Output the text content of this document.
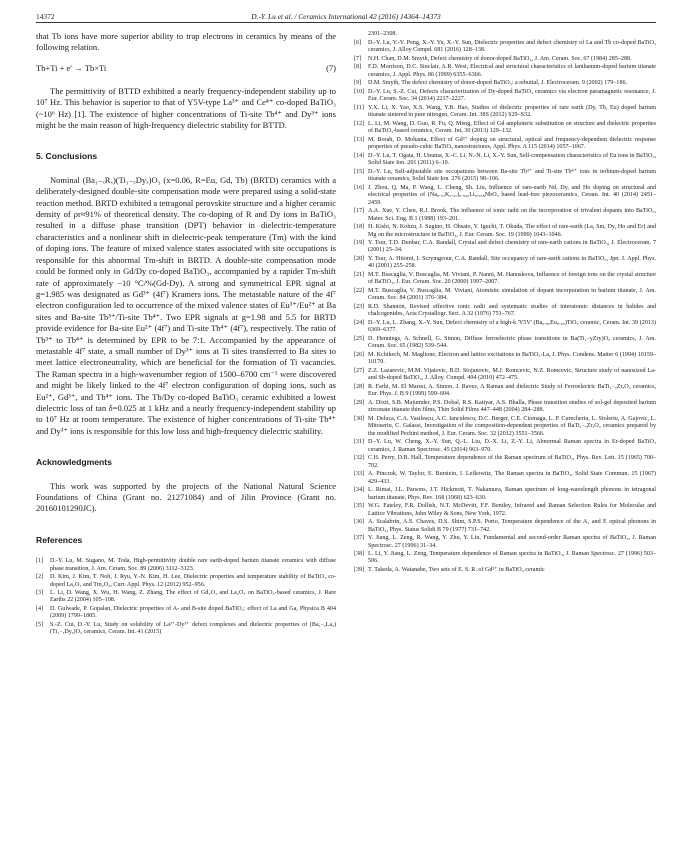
14372	D.-Y. Lu et al. / Ceramics International 42 (2016) 14364–14373

that Tb ions have more superior ability to trap electrons in ceramics by means of the following relation.

Tb+Ti + e′ → Tb×Ti	(7)

The permittivity of BTTD exhibited a nearly frequency-independent stability up to 10⁷ Hz. This behavior is superior to that of Y5V-type La³⁺ and Ce⁴⁺ co-doped BaTiO₃ (~10⁶ Hz) [1]. The existence of higher concentrations of Ti-site Tb⁴⁺ and Dy³⁺ ions might be the main reason of high-frequency dielectric stability for BTTD.

5. Conclusions

Nominal (Ba₁₋ₓRₓ)(Ti₁₋ₓDyₓ)O₃ (x=0.06, R=Eu, Gd, Tb) (BRTD) ceramics with a deliberately-designed double-site compensation mode were prepared using a solid-state reaction method. BRTD exhibited a tetragonal perovskite structure and a higher ceramic density of ρr≈91% of theoretical density. The co-doping of R and Dy ions in BaTiO₃ resulted in a diffuse phase transition (DPT) behavior in dielectric-temperature characteristics and a nonlinear shift in dielectric-peak temperature (Tm) with the kind of doping ions. The feature of mixed valence states associated with site occupations is responsible for this abnormal Tm-shift in BRTD. A double-site compensation mode could be formed only in Gd/Dy co-doped BaTiO₃, accompanied by a rapider Tm-shift rate of approximately −10 °C/%(Gd-Dy). A strong and symmetrical EPR signal at g=1.985 was designated as Gd³⁺ (4f⁷) Kramers ions. The metastable nature of the 4f⁷ electron configuration led to occurrence of the mixed valence states of Eu³⁺/Eu²⁺ at Ba sites and Ba-site Tb³⁺/Ti-site Tb⁴⁺. Two EPR signals at g=1.98 and 5.5 for BRTD provide evidence for Ba-site Eu²⁺ (4f⁷) and Ti-site Tb⁴⁺ (4f⁷), respectively. The ratio of Tb³⁺ to Tb⁴⁺ is determined by EPR to be 7:1. Accompanied by the appearance of metastable 4f⁷ state, a small number of Dy³⁺ ions at Ti sites transferred to Ba sites to meet lattice electroneutrality, which are beneficial for the formation of Ti vacancies. The Raman spectra in a high-wavenumber region of 1500–6700 cm⁻¹ were discovered and might be likely linked to the 4f⁷ electron configuration of doping ions, such as Eu²⁺, Gd³⁺, and Tb⁴⁺ ions. The Tb/Dy co-doped BaTiO₃ ceramic exhibited a lowest dielectric loss of tan δ=0.025 at 1 kHz and a nearly frequency-independent stability up to 10⁷ Hz at room temperature. The existence of higher concentrations of Ti-site Tb⁴⁺ and Dy³⁺ ions is responsible for this low loss and high-frequency dielectric stability.

Acknowledgments

This work was supported by the projects of the National Natural Science Foundations of China (Grant no. 21271084) and of Jilin Province (Grant no. 20160101290JC).

References
[1] D.-Y. Lu, M. Sugano, M. Toda, High-permittivity double rare earth-doped barium titanate ceramics with diffuse phase transition, J. Am. Ceram. Soc. 89 (2006) 3112–3123.
[2] D. Kim, J. Kim, T. Noh, J. Ryu, Y.-N. Kim, H. Lee, Dielectric properties and temperature stability of BaTiO₃ co-doped La₂O₃ and Tm₂O₃, Curr. Appl. Phys. 12 (2012) 952–956.
[3] L. Li, D. Wang, X. Wu, H. Wang, Z. Zhang, The effect of Gd₂O₃ and La₂O₃ on BaTiO₃-based ceramics, J. Rare Earths 22 (2004) 105–108.
[4] D. Gulwade, P. Gopalan, Dielectric properties of A- and B-site doped BaTiO₃: effect of La and Ga, Physica B 404 (2009) 1799–1805.
[5] S.-Z. Cui, D.-Y. Lu, Study on solubility of La³⁺-Dy³⁺ defect complexes and dielectric properties of (Ba₁₋ₓLaₓ)(Ti₁₋ₓDyₓ)O₃ ceramics, Ceram. Int. 41 (2015)
2301–2308.
[6] D.-Y. Lu, Y.-Y. Peng, X.-Y. Yu, X.-Y. Sun, Dielectric properties and defect chemistry of La and Tb co-doped BaTiO₃ ceramics, J. Alloy Compd. 681 (2016) 128–138.
[7] N.H. Chan, D.M. Smyth, Defect chemistry of donor-doped BaTiO₃, J. Am. Ceram. Soc. 67 (1984) 285–288.
[8] F.D. Morrison, D.C. Sinclair, A.R. West, Electrical and structural characteristics of lanthanum-doped barium titanate ceramics, J. Appl. Phys. 86 (1999) 6355–6366.
[9] D.M. Smyth, The defect chemistry of donor-doped BaTiO₃: a rebuttal, J. Electroceram. 9 (2002) 179–186.
[10] D.-Y. Lu, S.-Z. Cui, Defects characterization of Dy-doped BaTiO₃ ceramics via electron paramagnetic resonance, J. Eur. Ceram. Soc. 34 (2014) 2217–2227.
[11] Y.X. Li, X. Yao, X.S. Wang, Y.B. Hao, Studies of dielectric properties of rare earth (Dy, Tb, Eu) doped barium titanate sintered in pure nitrogen, Ceram. Int. 38S (2012) S29–S32.
[12] L. Li, M. Wang, D. Guo, R. Fu, Q. Meng, Effect of Gd amphoteric substitution on structure and dielectric properties of BaTiO₃-based ceramics, Ceram. Int. 30 (2013) 129–132.
[13] M. Borah, D. Mohanta, Effect of Gd³⁺ doping on structural, optical and frequency-dependent dielectric response properties of pseudo-cubic BaTiO₃ nanostructures, Appl. Phys. A 115 (2014) 1057–1067.
[14] D.-Y. Lu, T. Ogata, H. Unuma, X.-C. Li, N.-N. Li, X.-Y. Sun, Self-compensation characteristics of Eu ions in BaTiO₃, Solid State Ion. 201 (2011) 6–10.
[15] D.-Y. Lu, Self-adjustable site occupations between Ba-site Tb³⁺ and Ti-site Tb⁴⁺ ions in terbium-doped barium titanate ceramics, Solid State Ion. 276 (2015) 98–106.
[16] J. Zhou, Q. Ma, P. Wang, L. Cheng, Sh. Liu, Influence of rare-earth Nd, Dy, and Ho doping on structural and electrical properties of (Na₀.₅₃K₀.₄₇)₀.₉₄₂Li₀.₀₅₈NbO₃ based lead-free piezoceramics, Ceram. Int. 40 (2014) 2451–2459.
[17] A.A. Xue, Y. Chen, R.J. Brook, The influence of ionic radii on the incorporation of trivalent dopants into BaTiO₃, Mater. Sci. Eng. B 1 (1988) 193–201.
[18] H. Kishi, N. Kohzu, J. Sugino, H. Ohsato, Y. Iguchi, T. Okuda, The effect of rare-earth (La, Sm, Dy, Ho and Er) and Mg on the microstructure in BaTiO₃, J. Eur. Ceram. Soc. 19 (1999) 1043–1046.
[19] Y. Tsur, T.D. Dunbar, C.A. Randall, Crystal and defect chemistry of rare-earth cations in BaTiO₃, J. Electroceram. 7 (2001) 25–34.
[20] Y. Tsur, A. Hitomi, I. Scrymgeour, C.A. Randall, Site occupancy of rare-earth cations in BaTiO₃, Jpn. J. Appl. Phys. 40 (2001) 255–258.
[21] M.T. Buscaglia, V. Buscaglia, M. Viviani, P. Nanni, M. Hanuskova, Influence of foreign ions on the crystal structure of BaTiO₃, J. Eur. Ceram. Soc. 20 (2000) 1997–2007.
[22] M.T. Buscaglia, V. Buscaglia, M. Viviani, Atomistic simulation of dopant incorporation in barium titanate, J. Am. Ceram. Soc. 84 (2001) 376–384.
[23] R.D. Shannon, Revised effective ionic radii and systematic studies of interatomic distances in halides and chalcogenides, Acta Crystallogr. Sect. A 32 (1976) 751–767.
[24] D.-Y. Lu, L. Zhang, X.-Y. Sun, Defect chemistry of a high-k 'Y5V' (Ba₀.₉₅Eu₀.₀₅)TiO₃ ceramic, Ceram. Int. 39 (2013) 6369–6377.
[25] D. Hennings, A. Schnell, G. Simon, Diffuse ferroelectric phase transitions in Ba(Ti₁₋yZry)O₃ ceramics, J. Am. Ceram. Soc. 65 (1982) 539–544.
[26] M. Kchikech, M. Maglione, Electron and lattice excitations in BaTiO₃-La, J. Phys. Condens. Matter 6 (1994) 10159–10170.
[27] Z.Z. Lazarevic, M.M. Vijatovic, B.D. Stojanovic, M.J. Romcevic, N.Z. Romcevic, Structure study of nanosized La- and Sb-doped BaTiO₃, J. Alloy. Compd. 494 (2010) 472–475.
[28] R. Farhi, M. El Marssi, A. Simon, J. Ravez, A Raman and dielectric Study of Ferroelectric BaTi₁₋ₓZrₓO₃ ceramics, Eur. Phys. J. B 9 (1999) 599–604.
[29] A. Dixit, S.B. Majumder, P.S. Dobal, R.S. Katiyar, A.S. Bhalla, Phase transition studies of sol-gel deposited barium zirconate titanate thin films, Thin Solid Films 447–448 (2004) 284–288.
[30] M. Deluca, C.A. Vasilescu, A.C. Ianculescu, D.C. Berger, C.E. Ciomaga, L. P. Curecheriu, L. Stoleriu, A. Gajovic, L. Mitoseriu, C. Galassi, Investigation of the composition-dependent properties of BaTi₁₋ₓZrₓO₃ ceramics prepared by the modified Pechini method, J. Eur. Ceram. Soc. 32 (2012) 3551–3566.
[31] D.-Y. Lu, W. Cheng, X.-Y. Sun, Q.-L. Liu, D.-X. Li, Z.-Y. Li, Abnormal Raman spectra in Er-doped BaTiO₃ ceramics, J. Raman Spectrosc. 45 (2014) 963–970.
[32] C.H. Perry, D.B. Hall, Temperature dependence of the Raman spectrum of BaTiO₃, Phys. Rev. Lett. 15 (1965) 700–702.
[33] A. Pinczuk, W. Taylor, E. Burstein, I. Lefkowitz, The Raman spectra in BaTiO₃, Solid State Commun. 15 (1967) 429–433.
[34] L. Rimai, J.L. Parsons, J.T. Hickmott, T. Nakamura, Raman spectrum of long-wavelength phonons in tetragonal barium titanate, Phys. Rev. 168 (1968) 623–630.
[35] W.G. Fateley, F.R. Dollish, N.T. McDevitt, F.F. Bentley, Infrared and Raman Selection Rules for Molecular and Lattice Vibrations, John Wiley & Sons, New York, 1972.
[36] A. Scalabrin, A.S. Chaves, D.S. Shim, S.P.S. Porto, Temperature dependence of the A₁ and E optical phonons in BaTiO₃, Phys. Status Solidi B 79 (1977) 731–742.
[37] Y. Jiang, L. Zeng, R. Wang, Y. Zhu, Y. Liu, Fundamental and second-order Raman spectra of BaTiO₃, J. Raman Spectrosc. 27 (1996) 31–34.
[38] L. Li, Y. Jiang, L. Zeng, Temperature dependence of Raman spectra in BaTiO₃, J. Raman Spectrosc. 27 (1996) 503–506.
[39] T. Takeda, A. Watanabe, Two sets of E. S. R. of Gd³⁺ in BaTiO₃ ceramic
